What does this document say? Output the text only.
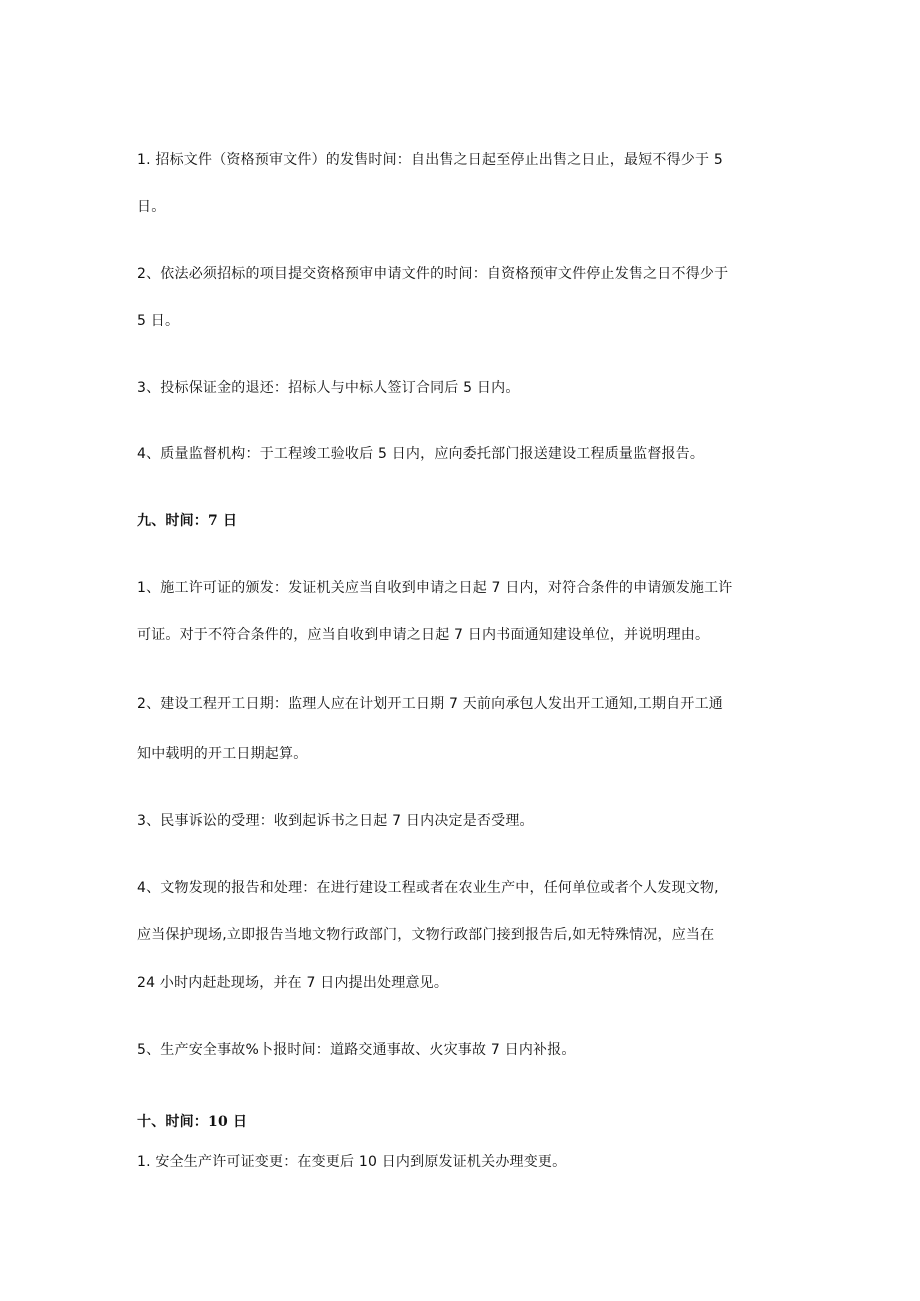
1. 招标文件（资格预审文件）的发售时间：自出售之日起至停止出售之日止，最短不得少于 5

日。

2、依法必须招标的项目提交资格预审申请文件的时间：自资格预审文件停止发售之日不得少于

5 日。

3、投标保证金的退还：招标人与中标人签订合同后 5 日内。

4、质量监督机构：于工程竣工验收后 5 日内，应向委托部门报送建设工程质量监督报告。

九、时间：7 日

1、施工许可证的颁发：发证机关应当自收到申请之日起 7 日内，对符合条件的申请颁发施工许

可证。对于不符合条件的，应当自收到申请之日起 7 日内书面通知建设单位，并说明理由。

2、建设工程开工日期：监理人应在计划开工日期 7 天前向承包人发出开工通知,工期自开工通

知中载明的开工日期起算。

3、民事诉讼的受理：收到起诉书之日起 7 日内决定是否受理。

4、文物发现的报告和处理：在进行建设工程或者在农业生产中，任何单位或者个人发现文物,

应当保护现场,立即报告当地文物行政部门，文物行政部门接到报告后,如无特殊情况，应当在

24 小时内赶赴现场，并在 7 日内提出处理意见。

5、生产安全事故%卜报时间：道路交通事故、火灾事故 7 日内补报。

十、时间：10 日

1. 安全生产许可证变更：在变更后 10 日内到原发证机关办理变更。
